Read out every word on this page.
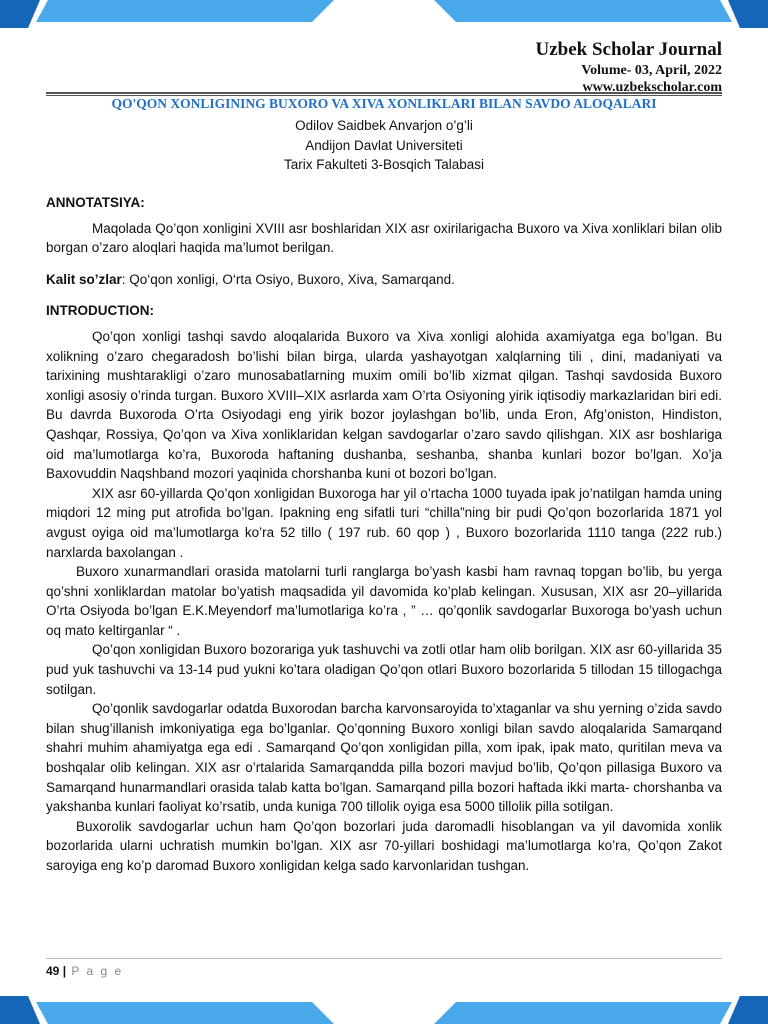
Uzbek Scholar Journal
Volume- 03, April, 2022
www.uzbekscholar.com
QO'QON XONLIGINING BUXORO VA XIVA XONLIKLARI BILAN SAVDO ALOQALARI
Odilov Saidbek Anvarjon o’g’li
Andijon Davlat Universiteti
Tarix Fakulteti 3-Bosqich Talabasi

ANNOTATSIYA:

Maqolada Qo’qon xonligini XVIII asr boshlaridan XIX asr oxirilarigacha Buxoro va Xiva xonliklari bilan olib borgan o’zaro aloqlari haqida ma’lumot berilgan.

Kalit so’zlar: Qo‘qon xonligi, O‘rta Osiyo, Buxoro, Xiva, Samarqand.

INTRODUCTION:

Qo’qon xonligi tashqi savdo aloqalarida Buxoro va Xiva xonligi alohida axamiyatga ega bo’lgan. Bu xolikning o’zaro chegaradosh bo’lishi bilan birga, ularda yashayotgan xalqlarning tili , dini, madaniyati va tarixining mushtarakligi o’zaro munosabatlarning muxim omili bo’lib xizmat qilgan. Tashqi savdosida Buxoro xonligi asosiy o’rinda turgan. Buxoro XVIII–XIX asrlarda xam O’rta Osiyoning yirik iqtisodiy markazlaridan biri edi. Bu davrda Buxoroda O’rta Osiyodagi eng yirik bozor joylashgan bo’lib, unda Eron, Afg’oniston, Hindiston, Qashqar, Rossiya, Qo’qon va Xiva xonliklaridan kelgan savdogarlar o’zaro savdo qilishgan. XIX asr boshlariga oid ma’lumotlarga ko’ra, Buxoroda haftaning dushanba, seshanba, shanba kunlari bozor bo’lgan. Xo’ja Baxovuddin Naqshband mozori yaqinida chorshanba kuni ot bozori bo’lgan.

XIX asr 60-yillarda Qo’qon xonligidan Buxoroga har yil o’rtacha 1000 tuyada ipak jo’natilgan hamda uning miqdori 12 ming put atrofida bo’lgan. Ipakning eng sifatli turi “chilla”ning bir pudi Qo’qon bozorlarida 1871 yol avgust oyiga oid ma’lumotlarga ko’ra 52 tillo ( 197 rub. 60 qop ) , Buxoro bozorlarida 1110 tanga (222 rub.) narxlarda baxolangan .

Buxoro xunarmandlari orasida matolarni turli ranglarga bo’yash kasbi ham ravnaq topgan bo’lib, bu yerga qo’shni xonliklardan matolar bo’yatish maqsadida yil davomida ko’plab kelingan. Xususan, XIX asr 20–yillarida O’rta Osiyoda bo’lgan E.K.Meyendorf ma’lumotlariga ko’ra , ” … qo’qonlik savdogarlar Buxoroga bo’yash uchun oq mato keltirganlar “ .

Qo’qon xonligidan Buxoro bozorariga yuk tashuvchi va zotli otlar ham olib borilgan. XIX asr 60-yillarida 35 pud yuk tashuvchi va 13-14 pud yukni ko’tara oladigan Qo’qon otlari Buxoro bozorlarida 5 tillodan 15 tillogachga sotilgan.

Qo’qonlik savdogarlar odatda Buxorodan barcha karvonsaroyida to’xtaganlar va shu yerning o’zida savdo bilan shug’illanish imkoniyatiga ega bo’lganlar. Qo’qonning Buxoro xonligi bilan savdo aloqalarida Samarqand shahri muhim ahamiyatga ega edi . Samarqand Qo’qon xonligidan pilla, xom ipak, ipak mato, quritilan meva va boshqalar olib kelingan. XIX asr o’rtalarida Samarqandda pilla bozori mavjud bo’lib, Qo’qon pillasiga Buxoro va Samarqand hunarmandlari orasida talab katta bo’lgan. Samarqand pilla bozori haftada ikki marta- chorshanba va yakshanba kunlari faoliyat ko’rsatib, unda kuniga 700 tillolik oyiga esa 5000 tillolik pilla sotilgan.

Buxorolik savdogarlar uchun ham Qo’qon bozorlari juda daromadli hisoblangan va yil davomida xonlik bozorlarida ularni uchratish mumkin bo’lgan. XIX asr 70-yillari boshidagi ma’lumotlarga ko’ra, Qo’qon Zakot saroyiga eng ko’p daromad Buxoro xonligidan kelga sado karvonlaridan tushgan.

49 | P a g e
